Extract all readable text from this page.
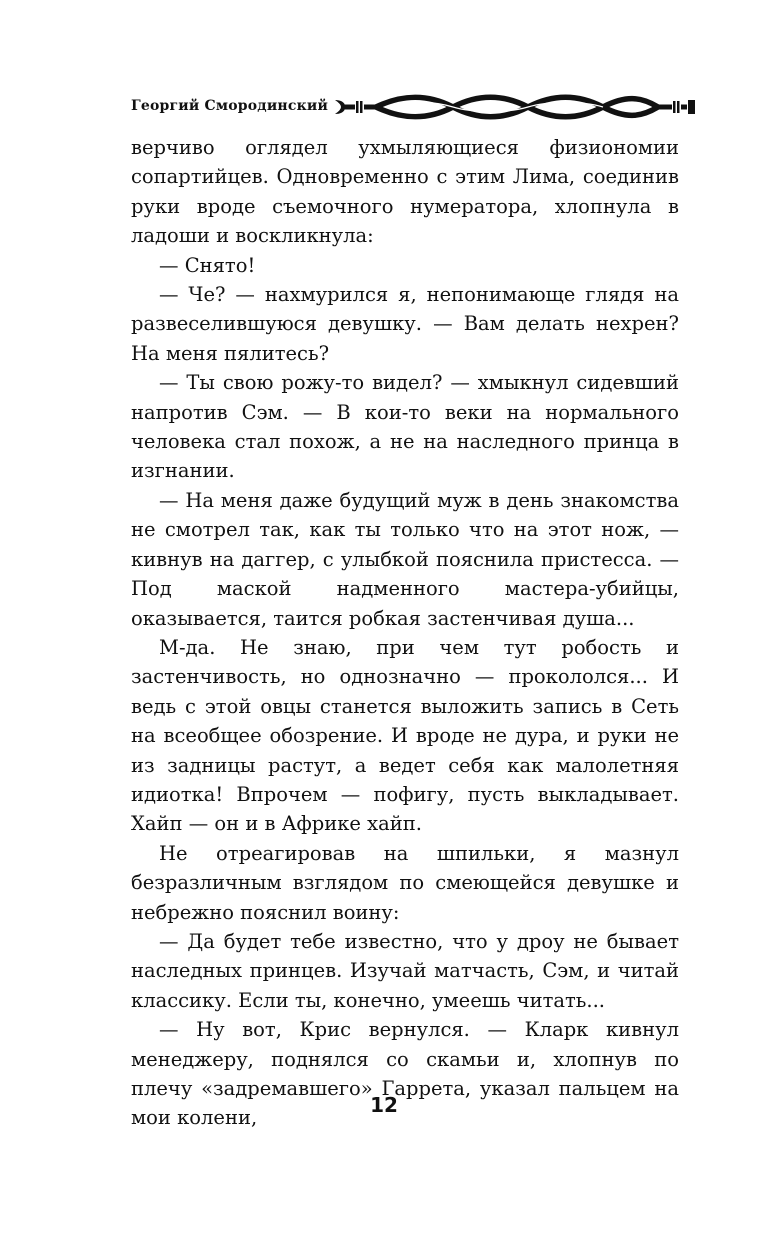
Георгий Смородинский

верчиво оглядел ухмыляющиеся физиономии сопартийцев. Одновременно с этим Лима, соединив руки вроде съемочного нумератора, хлопнула в ладоши и воскликнула:

— Снято!

— Че? — нахмурился я, непонимающе глядя на развеселившуюся девушку. — Вам делать нехрен? На меня пялитесь?

— Ты свою рожу-то видел? — хмыкнул сидевший напротив Сэм. — В кои-то веки на нормального человека стал похож, а не на наследного принца в изгнании.

— На меня даже будущий муж в день знакомства не смотрел так, как ты только что на этот нож, — кивнув на даггер, с улыбкой пояснила пристесса. — Под маской надменного мастера-убийцы, оказывается, таится робкая застенчивая душа...

М-да. Не знаю, при чем тут робость и застенчивость, но однозначно — прокололся... И ведь с этой овцы станется выложить запись в Сеть на всеобщее обозрение. И вроде не дура, и руки не из задницы растут, а ведет себя как малолетняя идиотка! Впрочем — пофигу, пусть выкладывает. Хайп — он и в Африке хайп.

Не отреагировав на шпильки, я мазнул безразличным взглядом по смеющейся девушке и небрежно пояснил воину:

— Да будет тебе известно, что у дроу не бывает наследных принцев. Изучай матчасть, Сэм, и читай классику. Если ты, конечно, умеешь читать...

— Ну вот, Крис вернулся. — Кларк кивнул менеджеру, поднялся со скамьи и, хлопнув по плечу «задремавшего» Гаррета, указал пальцем на мои колени,

12
